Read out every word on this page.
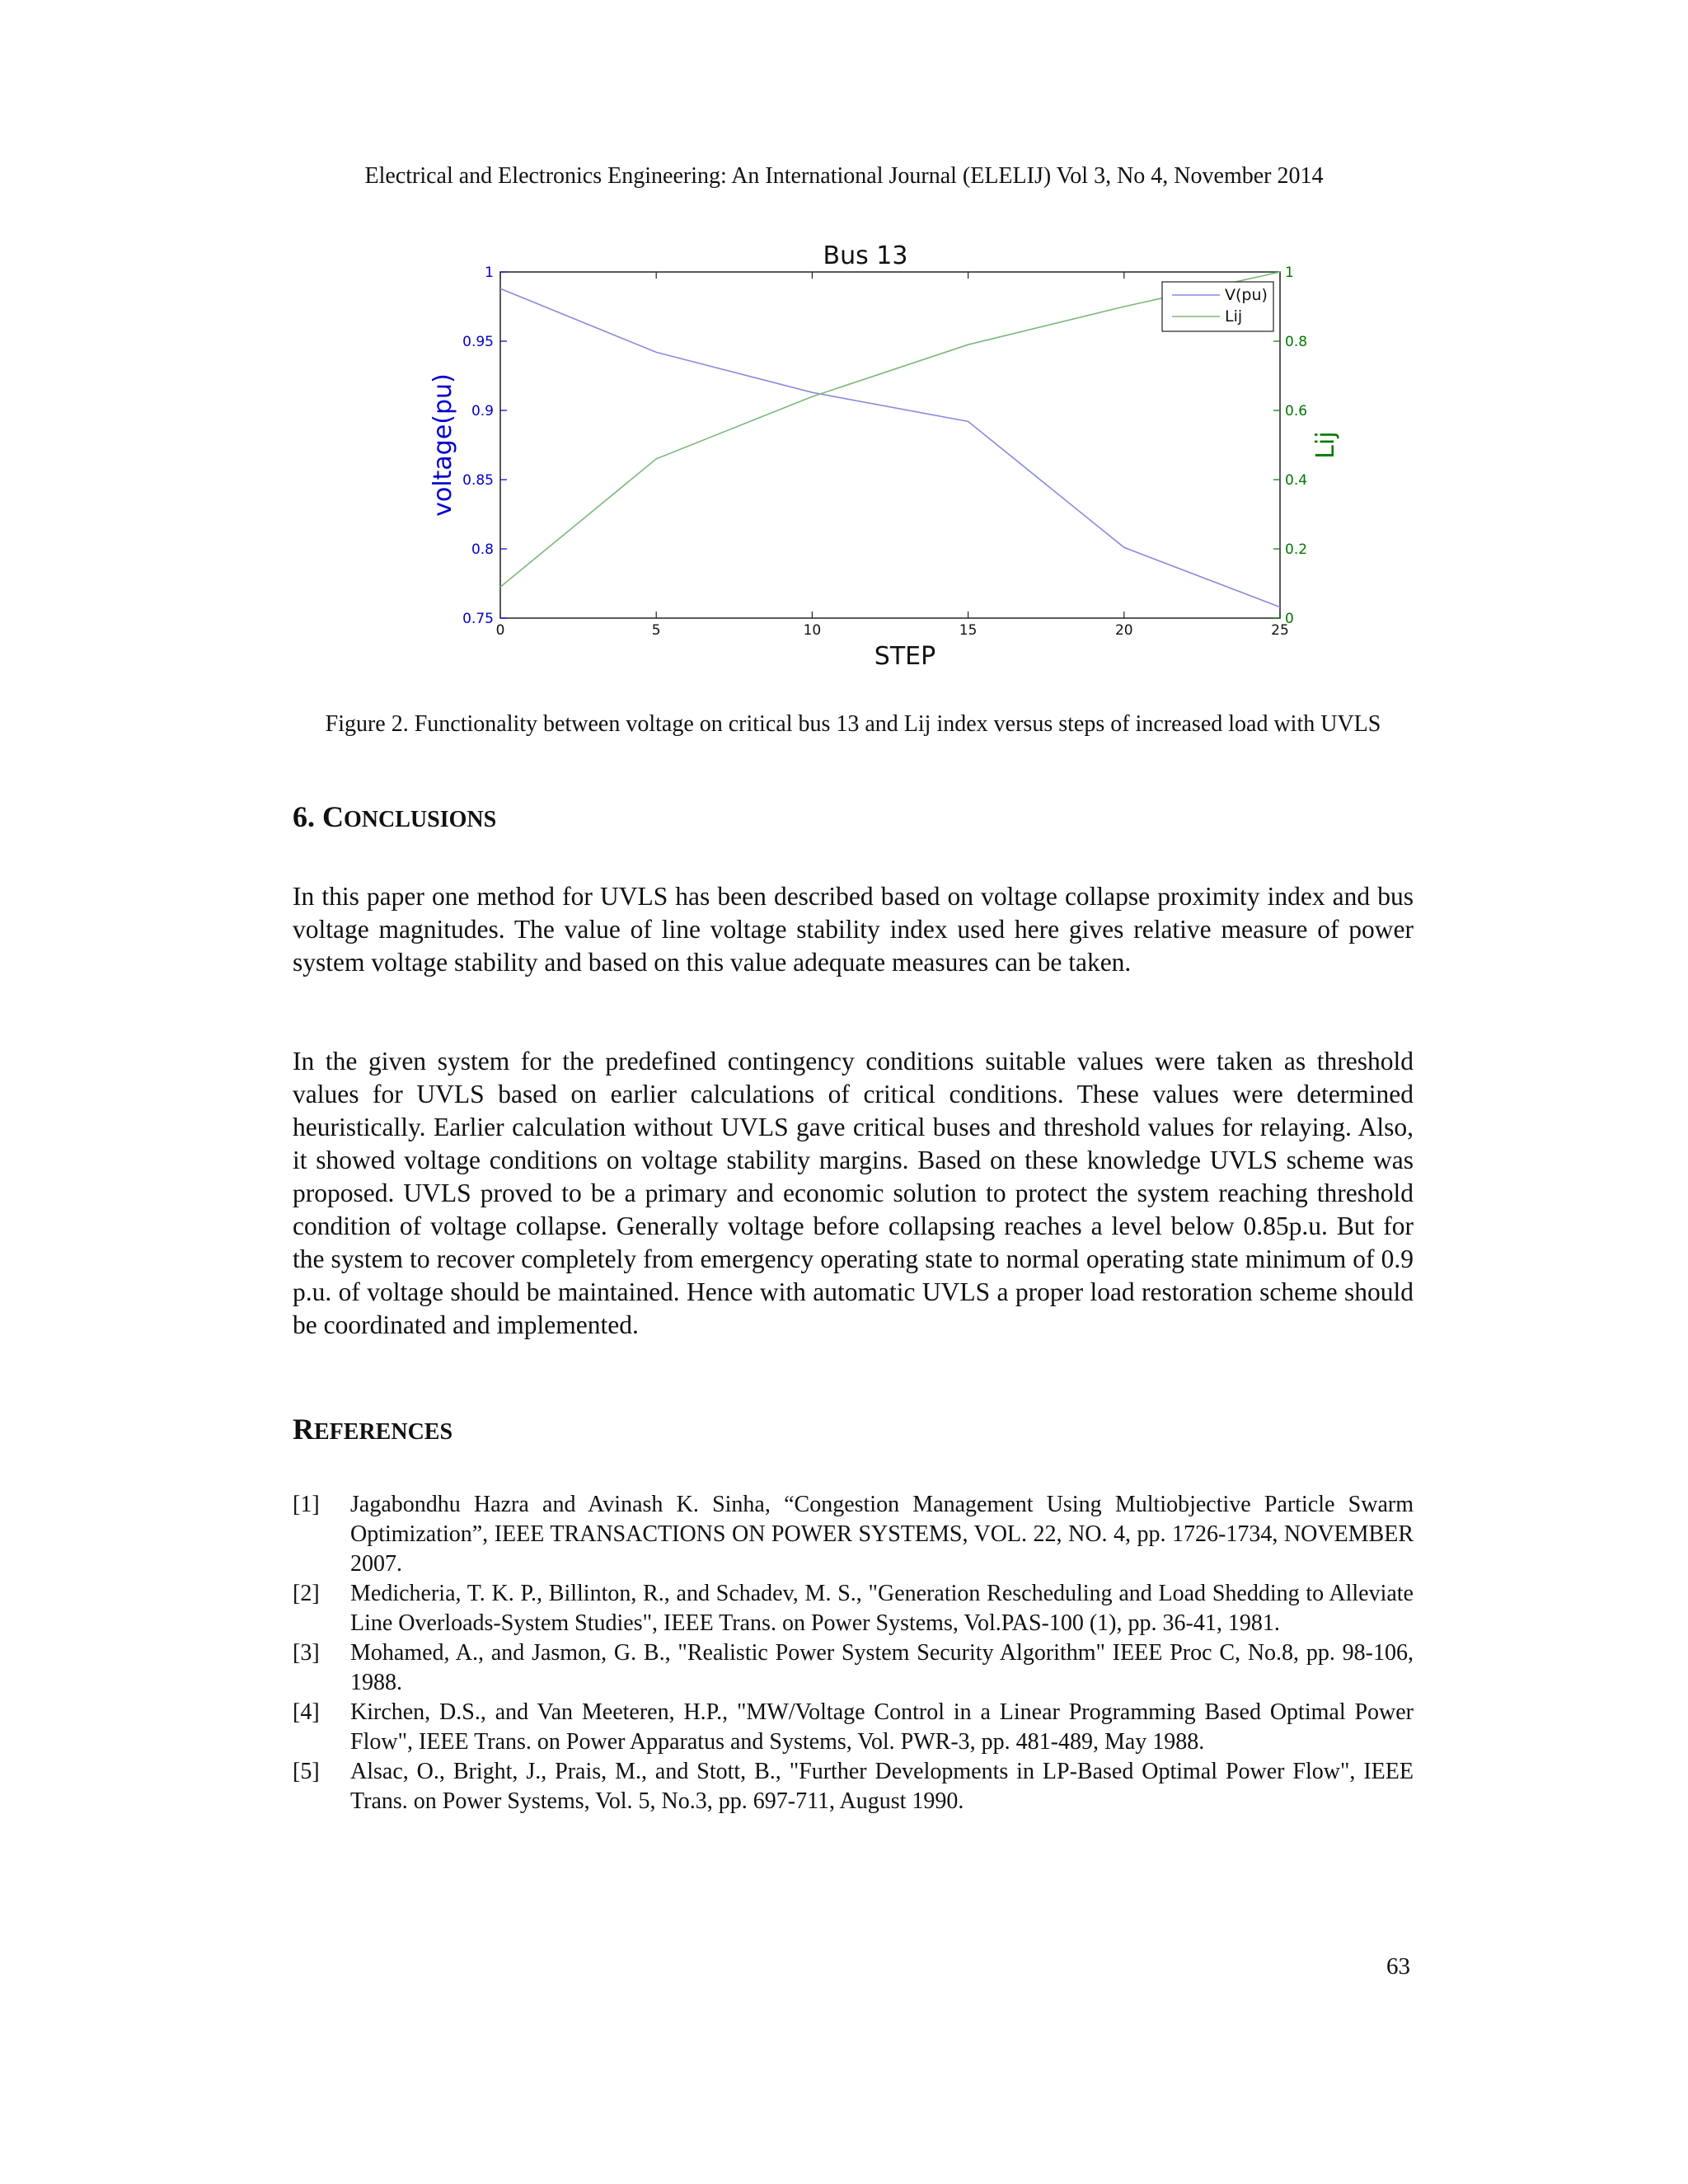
Electrical and Electronics Engineering: An International Journal (ELELIJ) Vol 3, No 4, November 2014
Bus 13
0	5	10	15	20	25
0.75
0.8
0.85
0.9
0.95
1
0
0.2
0.4
0.6
0.8
1
STEP
voltage(pu)	Lij
V(pu)
Lij
Figure 2. Functionality between voltage on critical bus 13 and Lij index versus steps of increased load with UVLS
6. CONCLUSIONS

In this paper one method for UVLS has been described based on voltage collapse proximity index and bus voltage magnitudes. The value of line voltage stability index used here gives relative measure of power system voltage stability and based on this value adequate measures can be taken.

In the given system for the predefined contingency conditions suitable values were taken as threshold values for UVLS based on earlier calculations of critical conditions. These values were determined heuristically. Earlier calculation without UVLS gave critical buses and threshold values for relaying. Also, it showed voltage conditions on voltage stability margins. Based on these knowledge UVLS scheme was proposed. UVLS proved to be a primary and economic solution to protect the system reaching threshold condition of voltage collapse. Generally voltage before collapsing reaches a level below 0.85p.u. But for the system to recover completely from emergency operating state to normal operating state minimum of 0.9 p.u. of voltage should be maintained. Hence with automatic UVLS a proper load restoration scheme should be coordinated and implemented.

REFERENCES
[1]	Jagabondhu Hazra and Avinash K. Sinha, “Congestion Management Using Multiobjective Particle Swarm Optimization”, IEEE TRANSACTIONS ON POWER SYSTEMS, VOL. 22, NO. 4, pp. 1726-1734, NOVEMBER 2007.
[2]	Medicheria, T. K. P., Billinton, R., and Schadev, M. S., "Generation Rescheduling and Load Shedding to Alleviate Line Overloads-System Studies", IEEE Trans. on Power Systems, Vol.PAS-100 (1), pp. 36-41, 1981.
[3]	Mohamed, A., and Jasmon, G. B., "Realistic Power System Security Algorithm" IEEE Proc C, No.8, pp. 98-106, 1988.
[4]	Kirchen, D.S., and Van Meeteren, H.P., "MW/Voltage Control in a Linear Programming Based Optimal Power Flow", IEEE Trans. on Power Apparatus and Systems, Vol. PWR-3, pp. 481-489, May 1988.
[5]	Alsac, O., Bright, J., Prais, M., and Stott, B., "Further Developments in LP-Based Optimal Power Flow", IEEE Trans. on Power Systems, Vol. 5, No.3, pp. 697-711, August 1990.
63
